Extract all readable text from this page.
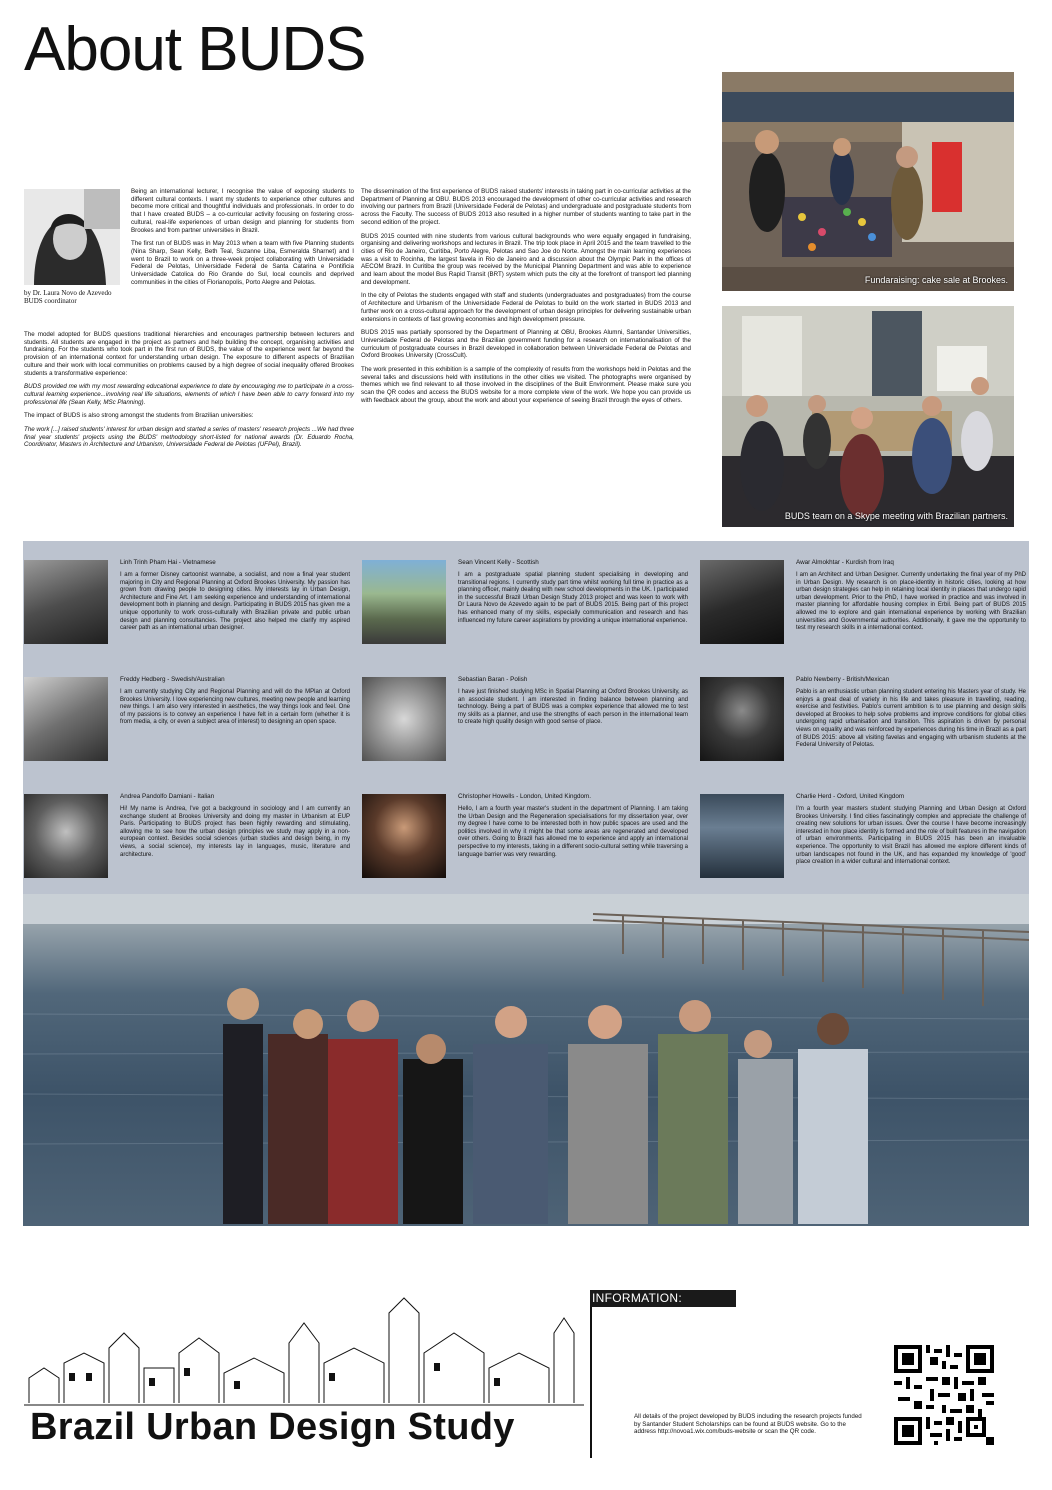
About BUDS
Fundaraising: cake sale at Brookes.
BUDS team on a Skype meeting with Brazilian partners.
by Dr. Laura Novo de Azevedo BUDS coordinator

Being an international lecturer, I recognise the value of exposing students to different cultural contexts. I want my students to experience other cultures and become more critical and thoughtful individuals and professionals. In order to do that I have created BUDS – a co-curricular activity focusing on fostering cross-cultural, real-life experiences of urban design and planning for students from Brookes and from partner universities in Brazil.

The first run of BUDS was in May 2013 when a team with five Planning students (Nina Sharp, Sean Kelly, Beth Teal, Suzanne Liba, Esmeralda Sharnet) and I went to Brazil to work on a three-week project collaborating with Universidade Federal de Pelotas, Universidade Federal de Santa Catarina e Pontificia Universidade Catolica do Rio Grande do Sul, local councils and deprived communities in the cities of Florianopolis, Porto Alegre and Pelotas.

The model adopted for BUDS questions traditional hierarchies and encourages partnership between lecturers and students. All students are engaged in the project as partners and help building the concept, organising activities and fundraising. For the students who took part in the first run of BUDS, the value of the experience went far beyond the provision of an international context for understanding urban design. The exposure to different aspects of Brazilian culture and their work with local communities on problems caused by a high degree of social inequality offered Brookes students a transformative experience:

BUDS provided me with my most rewarding educational experience to date by encouraging me to participate in a cross-cultural learning experience...involving real life situations, elements of which I have been able to carry forward into my professional life (Sean Kelly, MSc Planning).

The impact of BUDS is also strong amongst the students from Brazilian universities:

The work [...] raised students' interest for urban design and started a series of masters' research projects ...We had three final year students' projects using the BUDS' methodology short-listed for national awards (Dr. Eduardo Rocha, Coordinator, Masters in Architecture and Urbanism, Universidade Federal de Pelotas (UFPel), Brazil).

The dissemination of the first experience of BUDS raised students' interests in taking part in co-curricular activities at the Department of Planning at OBU. BUDS 2013 encouraged the development of other co-curricular activities and research involving our partners from Brazil (Universidade Federal de Pelotas) and undergraduate and postgraduate students from across the Faculty. The success of BUDS 2013 also resulted in a higher number of students wanting to take part in the second edition of the project.

BUDS 2015 counted with nine students from various cultural backgrounds who were equally engaged in fundraising, organising and delivering workshops and lectures in Brazil. The trip took place in April 2015 and the team travelled to the cities of Rio de Janeiro, Curitiba, Porto Alegre, Pelotas and Sao Joe do Norte. Amongst the main learning experiences was a visit to Rocinha, the largest favela in Rio de Janeiro and a discussion about the Olympic Park in the offices of AECOM Brazil. In Curitiba the group was received by the Municipal Planning Department and was able to experience and learn about the model Bus Rapid Transit (BRT) system which puts the city at the forefront of transport led planning and development.

In the city of Pelotas the students engaged with staff and students (undergraduates and postgraduates) from the course of Architecture and Urbanism of the Universidade Federal de Pelotas to build on the work started in BUDS 2013 and further work on a cross-cultural approach for the development of urban design principles for delivering sustainable urban extensions in contexts of fast growing economies and high development pressure.

BUDS 2015 was partially sponsored by the Department of Planning at OBU, Brookes Alumni, Santander Universities, Universidade Federal de Pelotas and the Brazilian government funding for a research on internationalisation of the curriculum of postgraduate courses in Brazil developed in collaboration between Universidade Federal de Pelotas and Oxford Brookes University (CrossCult).

The work presented in this exhibition is a sample of the complexity of results from the workshops held in Pelotas and the several talks and discussions held with institutions in the other cities we visited. The photographs were organised by themes which we find relevant to all those involved in the disciplines of the Built Environment. Please make sure you scan the QR codes and access the BUDS website for a more complete view of the work. We hope you can provide us with feedback about the group, about the work and about your experience of seeing Brazil through the eyes of others.

Linh Trinh Pham Hai - Vietnamese
I am a former Disney cartoonist wannabe, a socialist, and now a final year student majoring in City and Regional Planning at Oxford Brookes University. My passion has grown from drawing people to designing cities. My interests lay in Urban Design, Architecture and Fine Art. I am seeking experience and understanding of international development both in planning and design. Participating in BUDS 2015 has given me a unique opportunity to work cross-culturally with Brazilian private and public urban design and planning consultancies. The project also helped me clarify my aspired career path as an international urban designer.
Sean Vincent Kelly - Scottish
I am a postgraduate spatial planning student specialising in developing and transitional regions. I currently study part time whilst working full time in practice as a planning officer, mainly dealing with new school developments in the UK. I participated in the successful Brazil Urban Design Study 2013 project and was keen to work with Dr Laura Novo de Azevedo again to be part of BUDS 2015. Being part of this project has enhanced many of my skills, especially communication and research and has influenced my future career aspirations by providing a unique international experience.
Awar Almokhtar - Kurdish from Iraq
I am an Architect and Urban Designer. Currently undertaking the final year of my PhD in Urban Design. My research is on place-identity in historic cities, looking at how urban design strategies can help in retaining local identity in places that undergo rapid urban development. Prior to the PhD, I have worked in practice and was involved in master planning for affordable housing complex in Erbil. Being part of BUDS 2015 allowed me to explore and gain international experience by working with Brazilian universities and Governmental authorities. Additionally, it gave me the opportunity to test my research skills in a international context.
Freddy Hedberg - Swedish/Australian
I am currently studying City and Regional Planning and will do the MPlan at Oxford Brookes University. I love experiencing new cultures, meeting new people and learning new things. I am also very interested in aesthetics, the way things look and feel. One of my passions is to convey an experience I have felt in a certain form (whether it is from media, a city, or even a subject area of interest) to designing an open space.
Sebastian Baran - Polish
I have just finished studying MSc in Spatial Planning at Oxford Brookes University, as an associate student. I am interested in finding balance between planning and technology. Being a part of BUDS was a complex experience that allowed me to test my skills as a planner, and use the strengths of each person in the international team to create high quality design with good sense of place.
Pablo Newberry - British/Mexican
Pablo is an enthusiastic urban planning student entering his Masters year of study. He enjoys a great deal of variety in his life and takes pleasure in travelling, reading, exercise and festivities. Pablo's current ambition is to use planning and design skills developed at Brookes to help solve problems and improve conditions for global cities undergoing rapid urbanisation and transition. This aspiration is driven by personal views on equality and was reinforced by experiences during his time in Brazil as a part of BUDS 2015: above all visiting favelas and engaging with urbanism students at the Federal University of Pelotas.
Andrea Pandolfo Damiani - Italian
Hi! My name is Andrea, I've got a background in sociology and I am currently an exchange student at Brookes University and doing my master in Urbanism at EUP Paris. Participating to BUDS project has been highly rewarding and stimulating, allowing me to see how the urban design principles we study may apply in a non-european context. Besides social sciences (urban studies and design being, in my views, a social science), my interests lay in languages, music, literature and architecture.
Christopher Howells - London, United Kingdom.
Hello, I am a fourth year master's student in the department of Planning. I am taking the Urban Design and the Regeneration specialisations for my dissertation year, over my degree I have come to be interested both in how public spaces are used and the politics involved in why it might be that some areas are regenerated and developed over others. Going to Brazil has allowed me to experience and apply an international perspective to my interests, taking in a different socio-cultural setting while traversing a language barrier was very rewarding.
Charlie Herd - Oxford, United Kingdom
I'm a fourth year masters student studying Planning and Urban Design at Oxford Brookes University. I find cities fascinatingly complex and appreciate the challenge of creating new solutions for urban issues. Over the course I have become increasingly interested in how place identity is formed and the role of built features in the navigation of urban environments. Participating in BUDS 2015 has been an invaluable experience. The opportunity to visit Brazil has allowed me explore different kinds of urban landscapes not found in the UK, and has expanded my knowledge of 'good' place creation in a wider cultural and international context.
Brazil Urban Design Study
INFORMATION:
All details of the project developed by BUDS including the research projects funded by Santander Student Scholarships can be found at BUDS website. Go to the address http://novoa1.wix.com/buds-website or scan the QR code.
